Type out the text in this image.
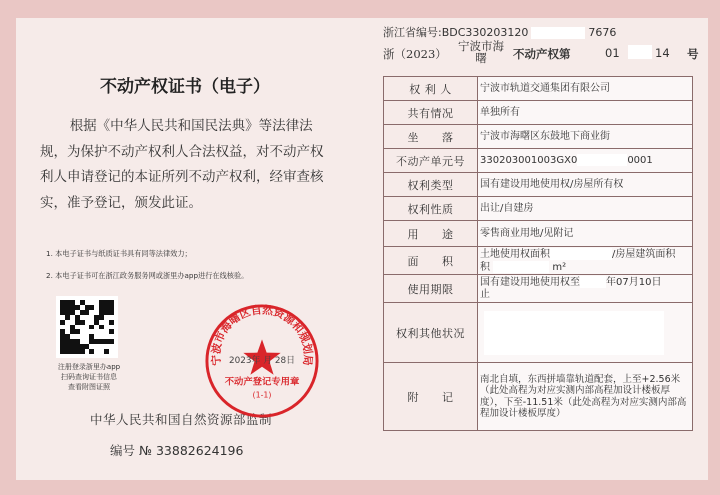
不动产权证书（电子）
根据《中华人民共和国民法典》等法律法规，为保护不动产权利人合法权益，对不动产权利人申请登记的本证所列不动产权利，经审查核实，准予登记，颁发此证。
1. 本电子证书与纸质证书具有同等法律效力；
2. 本电子证书可在浙江政务服务网或浙里办app进行在线核验。
注册登录浙里办app
扫码查询证书信息
查看附图证照
中华人民共和国自然资源部监制
编号 № 33882624196
宁波市海曙区自然资源和规划局
2023年 月 28日
不动产登记专用章
(1-1)
浙江省编号:BDC330203120	7676
浙（2023）
宁波市海曙	不动产权第	01	14 号
权 利 人	宁波市轨道交通集团有限公司
共有情况	单独所有
坐　　落	宁波市海曙区东鼓地下商业街
不动产单元号	330203001003GX0 0001
权利类型	国有建设用地使用权/房屋所有权
权利性质	出让/自建房
用　　途	零售商业用地/见附记
面　　积	土地使用权面积 /房屋建筑面积
积 m²
使用期限	国有建设用地使用权至 年07月10日
止
权利其他状况	

附　　记	南北自填，东西拼墙靠轨道配套，上至+2.56米（此处高程为对应实测内部高程加设计楼板厚度），下至-11.51米（此处高程为对应实测内部高程加设计楼板厚度）
